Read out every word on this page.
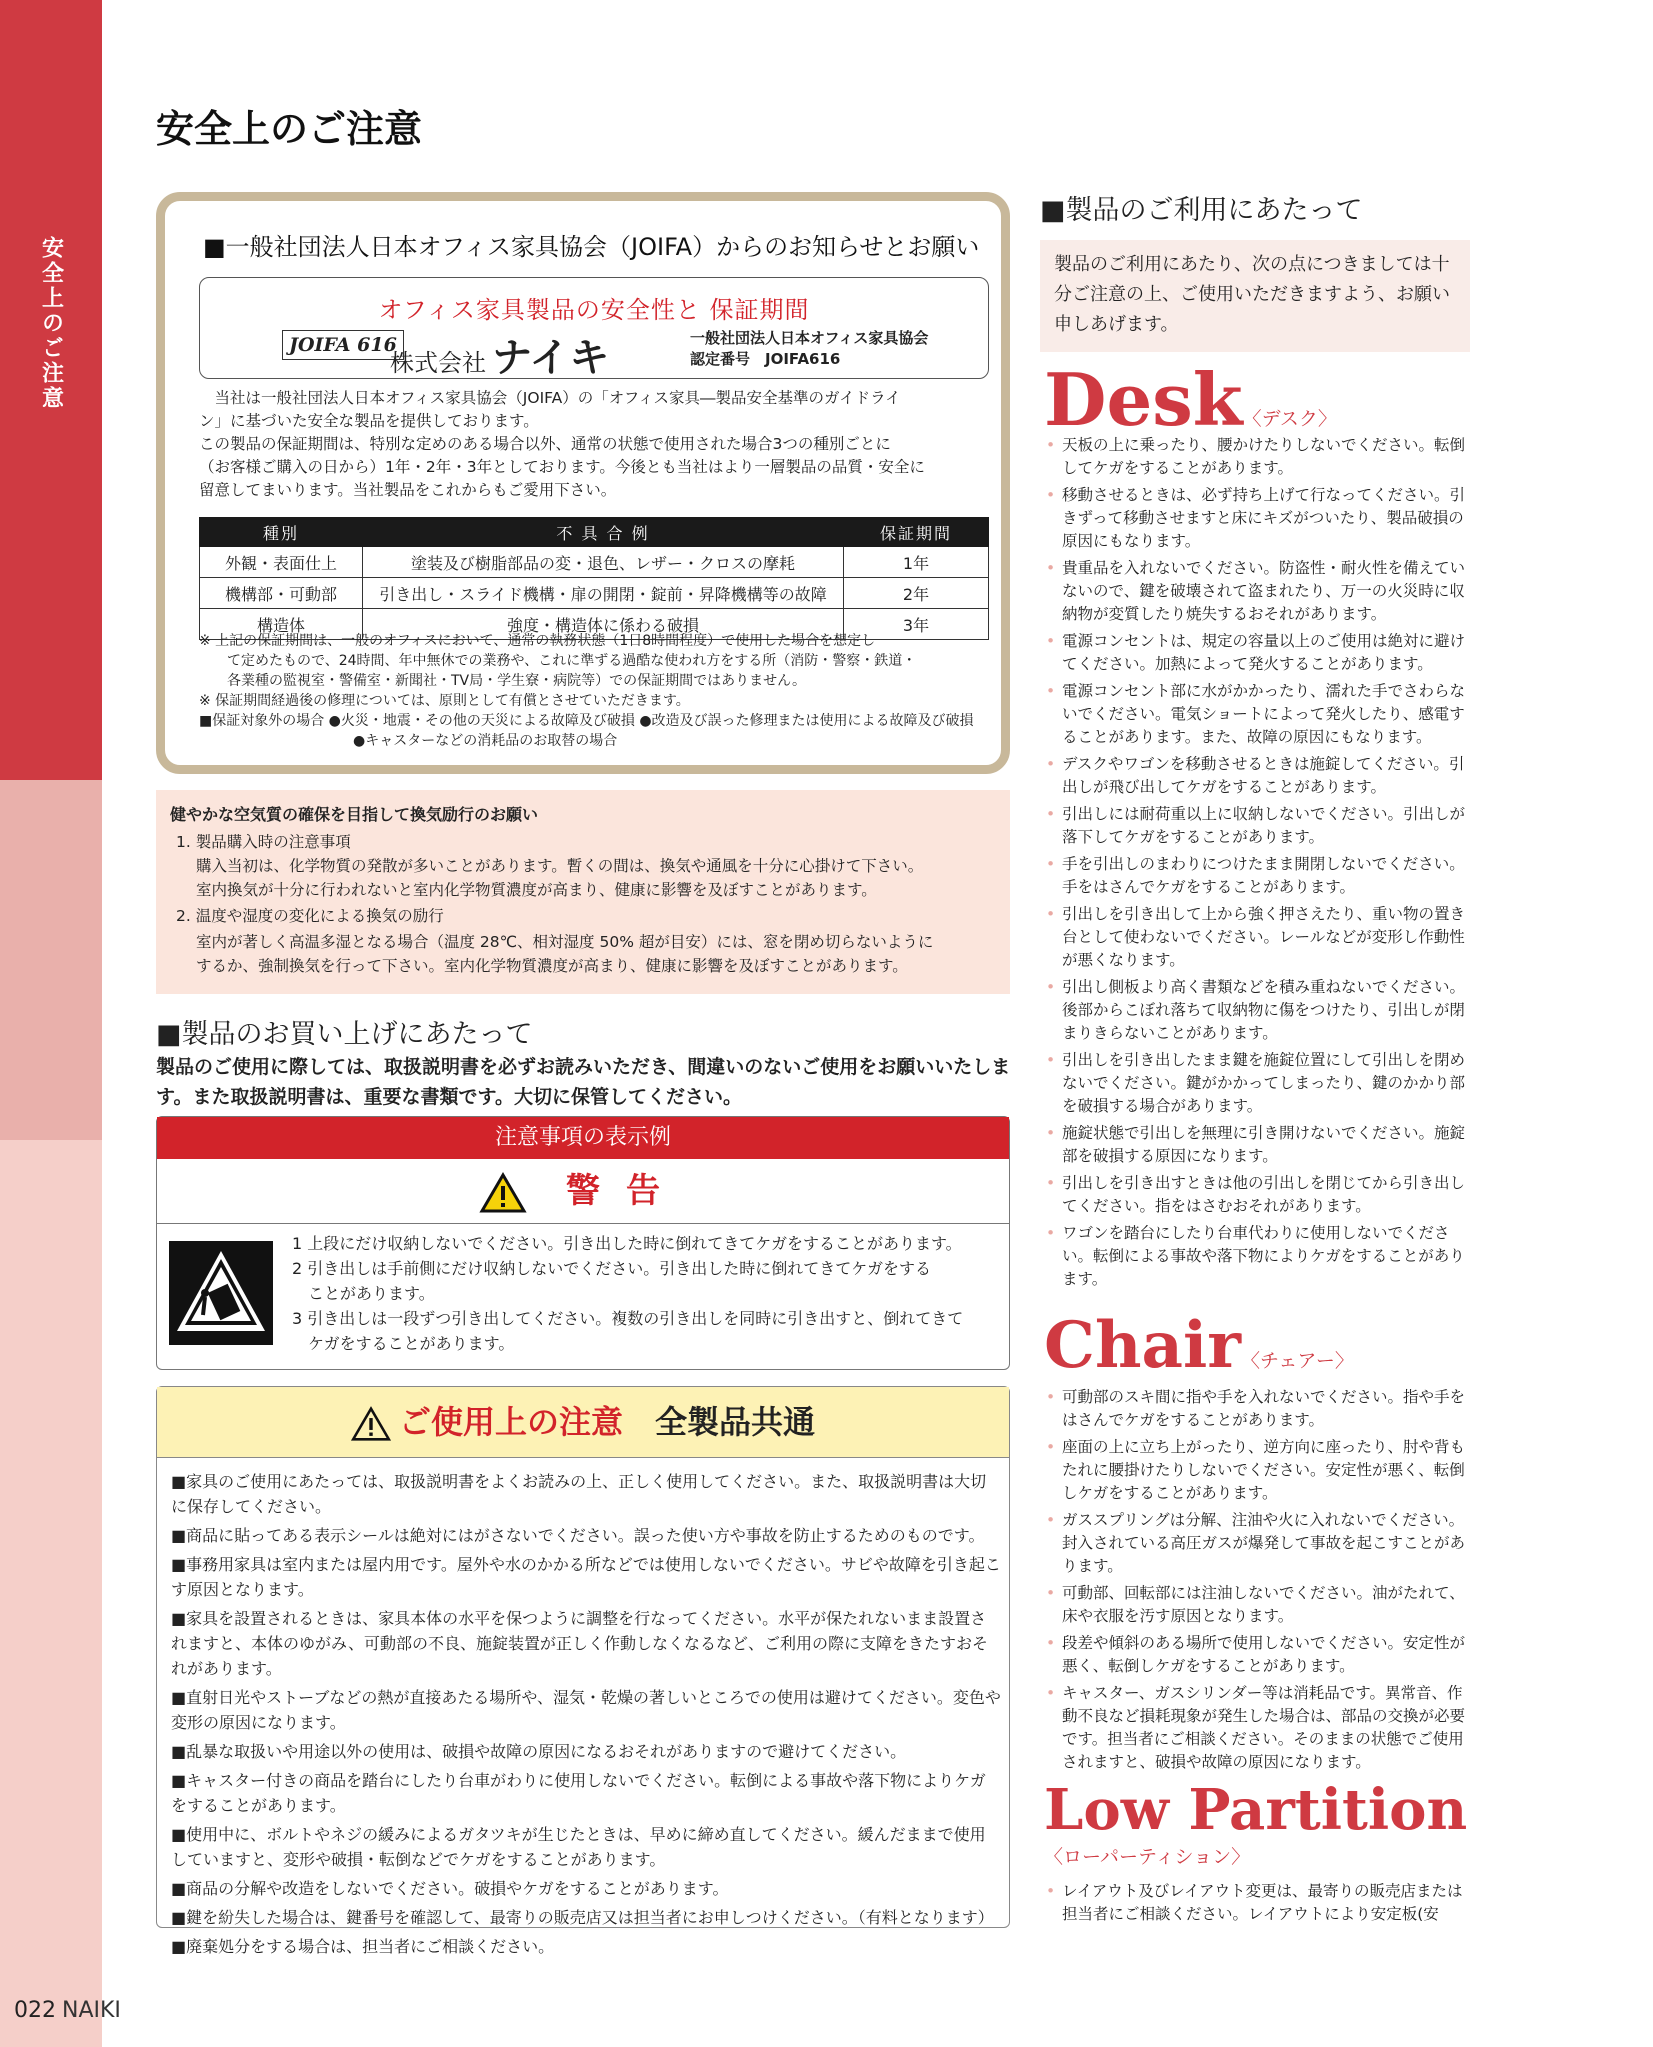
安全上のご注意
安全上のご注意
■一般社団法人日本オフィス家具協会（JOIFA）からのお知らせとお願い
オフィス家具製品の安全性と 保証期間
JOIFA 616
株式会社 ナイキ	一般社団法人日本オフィス家具協会
認定番号　JOIFA616
　当社は一般社団法人日本オフィス家具協会（JOIFA）の「オフィス家具―製品安全基準のガイドライ
ン」に基づいた安全な製品を提供しております。
この製品の保証期間は、特別な定めのある場合以外、通常の状態で使用された場合3つの種別ごとに
（お客様ご購入の日から）1年・2年・3年としております。今後とも当社はより一層製品の品質・安全に
留意してまいります。当社製品をこれからもご愛用下さい。
種別	不 具 合 例	保証期間
外観・表面仕上	塗装及び樹脂部品の変・退色、レザー・クロスの摩耗	1年
機構部・可動部	引き出し・スライド機構・扉の開閉・錠前・昇降機構等の故障	2年
構造体	強度・構造体に係わる破損	3年
※ 上記の保証期間は、一般のオフィスにおいて、通常の執務状態（1日8時間程度）で使用した場合を想定し
　　て定めたもので、24時間、年中無休での業務や、これに準ずる過酷な使われ方をする所（消防・警察・鉄道・
　　各業種の監視室・警備室・新聞社・TV局・学生寮・病院等）での保証期間ではありません。
※ 保証期間経過後の修理については、原則として有償とさせていただきます。
■保証対象外の場合 ●火災・地震・その他の天災による故障及び破損 ●改造及び誤った修理または使用による故障及び破損
　　　　　　　　　　　●キャスターなどの消耗品のお取替の場合
健やかな空気質の確保を目指して換気励行のお願い
1. 製品購入時の注意事項
購入当初は、化学物質の発散が多いことがあります。暫くの間は、換気や通風を十分に心掛けて下さい。
室内換気が十分に行われないと室内化学物質濃度が高まり、健康に影響を及ぼすことがあります。
2. 温度や湿度の変化による換気の励行
室内が著しく高温多湿となる場合（温度 28℃、相対湿度 50% 超が目安）には、窓を閉め切らないように
するか、強制換気を行って下さい。室内化学物質濃度が高まり、健康に影響を及ぼすことがあります。
■製品のお買い上げにあたって
製品のご使用に際しては、取扱説明書を必ずお読みいただき、間違いのないご使用をお願いいたします。また取扱説明書は、重要な書類です。大切に保管してください。
注意事項の表示例
警告
1 上段にだけ収納しないでください。引き出した時に倒れてきてケガをすることがあります。
2 引き出しは手前側にだけ収納しないでください。引き出した時に倒れてきてケガをする
　ことがあります。
3 引き出しは一段ずつ引き出してください。複数の引き出しを同時に引き出すと、倒れてきて
　ケガをすることがあります。
ご使用上の注意　 全製品共通
■家具のご使用にあたっては、取扱説明書をよくお読みの上、正しく使用してください。また、取扱説明書は大切に保存してください。
■商品に貼ってある表示シールは絶対にはがさないでください。誤った使い方や事故を防止するためのものです。
■事務用家具は室内または屋内用です。屋外や水のかかる所などでは使用しないでください。サビや故障を引き起こす原因となります。
■家具を設置されるときは、家具本体の水平を保つように調整を行なってください。水平が保たれないまま設置されますと、本体のゆがみ、可動部の不良、施錠装置が正しく作動しなくなるなど、ご利用の際に支障をきたすおそれがあります。
■直射日光やストーブなどの熱が直接あたる場所や、湿気・乾燥の著しいところでの使用は避けてください。変色や変形の原因になります。
■乱暴な取扱いや用途以外の使用は、破損や故障の原因になるおそれがありますので避けてください。
■キャスター付きの商品を踏台にしたり台車がわりに使用しないでください。転倒による事故や落下物によりケガをすることがあります。
■使用中に、ボルトやネジの緩みによるガタツキが生じたときは、早めに締め直してください。緩んだままで使用していますと、変形や破損・転倒などでケガをすることがあります。
■商品の分解や改造をしないでください。破損やケガをすることがあります。
■鍵を紛失した場合は、鍵番号を確認して、最寄りの販売店又は担当者にお申しつけください。（有料となります）
■廃棄処分をする場合は、担当者にご相談ください。
■製品のご利用にあたって
製品のご利用にあたり、次の点につきましては十分ご注意の上、ご使用いただきますよう、お願い申しあげます。
Desk〈デスク〉
• 天板の上に乗ったり、腰かけたりしないでください。転倒してケガをすることがあります。
• 移動させるときは、必ず持ち上げて行なってください。引きずって移動させますと床にキズがついたり、製品破損の原因にもなります。
• 貴重品を入れないでください。防盗性・耐火性を備えていないので、鍵を破壊されて盗まれたり、万一の火災時に収納物が変質したり焼失するおそれがあります。
• 電源コンセントは、規定の容量以上のご使用は絶対に避けてください。加熱によって発火することがあります。
• 電源コンセント部に水がかかったり、濡れた手でさわらないでください。電気ショートによって発火したり、感電することがあります。また、故障の原因にもなります。
• デスクやワゴンを移動させるときは施錠してください。引出しが飛び出してケガをすることがあります。
• 引出しには耐荷重以上に収納しないでください。引出しが落下してケガをすることがあります。
• 手を引出しのまわりにつけたまま開閉しないでください。手をはさんでケガをすることがあります。
• 引出しを引き出して上から強く押さえたり、重い物の置き台として使わないでください。レールなどが変形し作動性が悪くなります。
• 引出し側板より高く書類などを積み重ねないでください。後部からこぼれ落ちて収納物に傷をつけたり、引出しが閉まりきらないことがあります。
• 引出しを引き出したまま鍵を施錠位置にして引出しを閉めないでください。鍵がかかってしまったり、鍵のかかり部を破損する場合があります。
• 施錠状態で引出しを無理に引き開けないでください。施錠部を破損する原因になります。
• 引出しを引き出すときは他の引出しを閉じてから引き出してください。指をはさむおそれがあります。
• ワゴンを踏台にしたり台車代わりに使用しないでください。転倒による事故や落下物によりケガをすることがあります。
Chair〈チェアー〉
• 可動部のスキ間に指や手を入れないでください。指や手をはさんでケガをすることがあります。
• 座面の上に立ち上がったり、逆方向に座ったり、肘や背もたれに腰掛けたりしないでください。安定性が悪く、転倒しケガをすることがあります。
• ガススプリングは分解、注油や火に入れないでください。封入されている高圧ガスが爆発して事故を起こすことがあります。
• 可動部、回転部には注油しないでください。油がたれて、床や衣服を汚す原因となります。
• 段差や傾斜のある場所で使用しないでください。安定性が悪く、転倒しケガをすることがあります。
• キャスター、ガスシリンダー等は消耗品です。異常音、作動不良など損耗現象が発生した場合は、部品の交換が必要です。担当者にご相談ください。そのままの状態でご使用されますと、破損や故障の原因になります。
Low Partition
〈ローパーティション〉
• レイアウト及びレイアウト変更は、最寄りの販売店または担当者にご相談ください。レイアウトにより安定板(安
022 NAIKI
